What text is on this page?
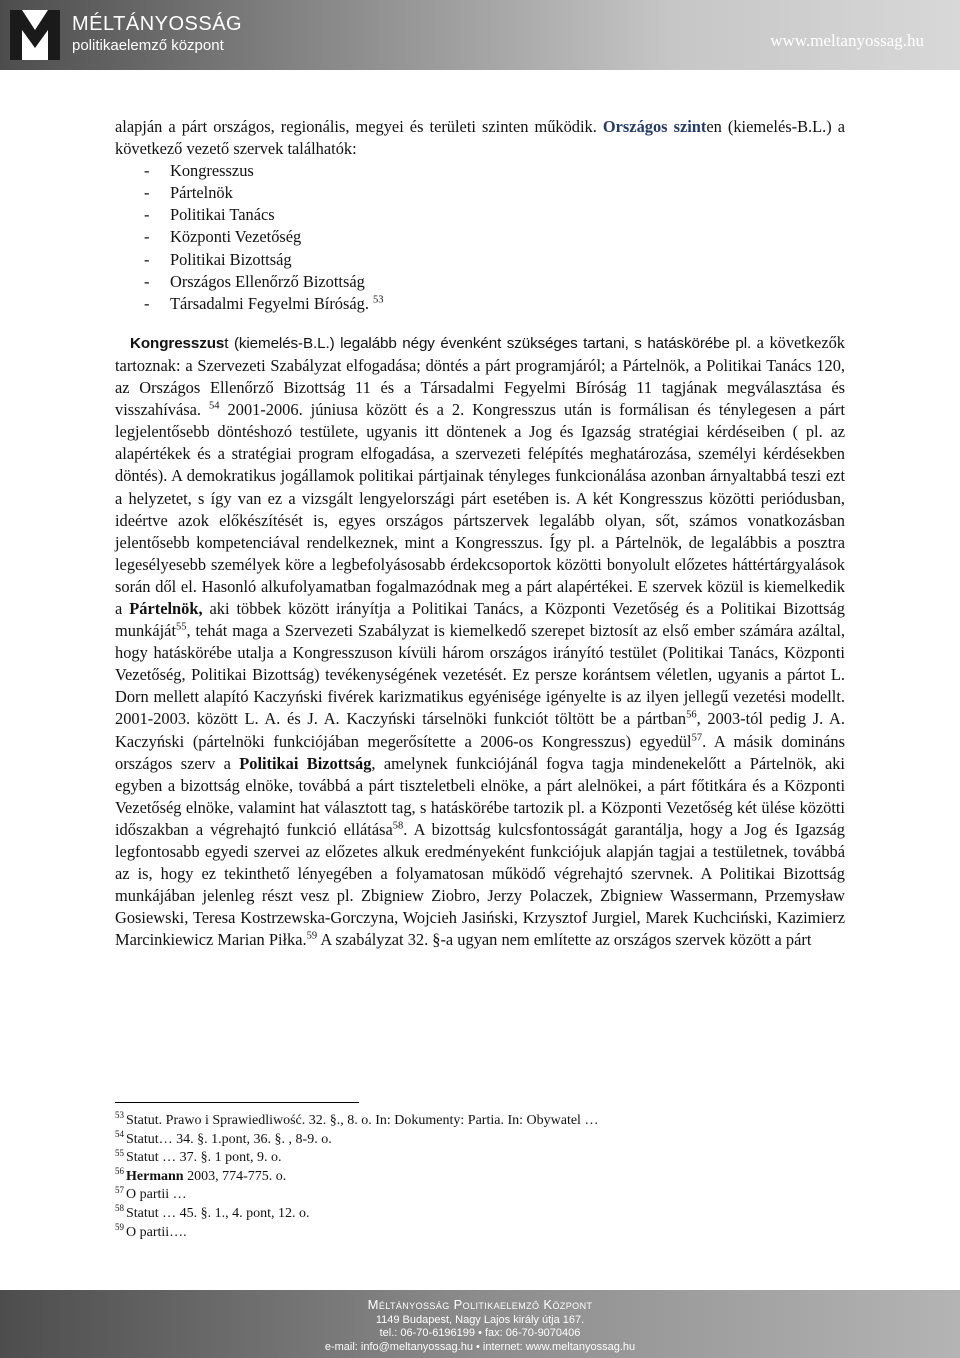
MÉLTÁNYOSSÁG
politikaelemző központ	www.meltanyossag.hu

alapján a párt országos, regionális, megyei és területi szinten működik. Országos szinten (kiemelés-B.L.) a következő vezető szervek találhatók:

- Kongresszus
- Pártelnök
- Politikai Tanács
- Központi Vezetőség
- Politikai Bizottság
- Országos Ellenőrző Bizottság
- Társadalmi Fegyelmi Bíróság. $^{53}$

Kongresszust (kiemelés-B.L.) legalább négy évenként szükséges tartani, s hatáskörébe pl. a következők tartoznak: a Szervezeti Szabályzat elfogadása; döntés a párt programjáról; a Pártelnök, a Politikai Tanács 120, az Országos Ellenőrző Bizottság 11 és a Társadalmi Fegyelmi Bíróság 11 tagjának megválasztása és visszahívása. $^{54}$ 2001-2006. júniusa között és a 2. Kongresszus után is formálisan és ténylegesen a párt legjelentősebb döntéshozó testülete, ugyanis itt döntenek a Jog és Igazság stratégiai kérdéseiben ( pl. az alapértékek és a stratégiai program elfogadása, a szervezeti felépítés meghatározása, személyi kérdésekben döntés). A demokratikus jogállamok politikai pártjainak tényleges funkcionálása azonban árnyaltabbá teszi ezt a helyzetet, s így van ez a vizsgált lengyelországi párt esetében is. A két Kongresszus közötti periódusban, ideértve azok előkészítését is, egyes országos pártszervek legalább olyan, sőt, számos vonatkozásban jelentősebb kompetenciával rendelkeznek, mint a Kongresszus. Így pl. a Pártelnök, de legalábbis a posztra legesélyesebb személyek köre a legbefolyásosabb érdekcsoportok közötti bonyolult előzetes háttértárgyalások során dől el. Hasonló alkufolyamatban fogalmazódnak meg a párt alapértékei. E szervek közül is kiemelkedik a Pártelnök, aki többek között irányítja a Politikai Tanács, a Központi Vezetőség és a Politikai Bizottság munkáját$^{55}$, tehát maga a Szervezeti Szabályzat is kiemelkedő szerepet biztosít az első ember számára azáltal, hogy hatáskörébe utalja a Kongresszuson kívüli három országos irányító testület (Politikai Tanács, Központi Vezetőség, Politikai Bizottság) tevékenységének vezetését. Ez persze korántsem véletlen, ugyanis a pártot L. Dorn mellett alapító Kaczyński fivérek karizmatikus egyénisége igényelte is az ilyen jellegű vezetési modellt. 2001-2003. között L. A. és J. A. Kaczyński társelnöki funkciót töltött be a pártban$^{56}$, 2003-tól pedig J. A. Kaczyński (pártelnöki funkciójában megerősítette a 2006-os Kongresszus) egyedül$^{57}$. A másik domináns országos szerv a Politikai Bizottság, amelynek funkciójánál fogva tagja mindenekelőtt a Pártelnök, aki egyben a bizottság elnöke, továbbá a párt tiszteletbeli elnöke, a párt alelnökei, a párt főtitkára és a Központi Vezetőség elnöke, valamint hat választott tag, s hatáskörébe tartozik pl. a Központi Vezetőség két ülése közötti időszakban a végrehajtó funkció ellátása$^{58}$. A bizottság kulcsfontosságát garantálja, hogy a Jog és Igazság legfontosabb egyedi szervei az előzetes alkuk eredményeként funkciójuk alapján tagjai a testületnek, továbbá az is, hogy ez tekinthető lényegében a folyamatosan működő végrehajtó szervnek. A Politikai Bizottság munkájában jelenleg részt vesz pl. Zbigniew Ziobro, Jerzy Polaczek, Zbigniew Wassermann, Przemysław Gosiewski, Teresa Kostrzewska-Gorczyna, Wojcieh Jasiński, Krzysztof Jurgiel, Marek Kuchciński, Kazimierz Marcinkiewicz Marian Piłka.$^{59}$ A szabályzat 32. §-a ugyan nem említette az országos szervek között a párt

$^{53}$ Statut. Prawo i Sprawiedliwość. 32. §., 8. o. In: Dokumenty: Partia. In: Obywatel …
$^{54}$ Statut… 34. §. 1.pont, 36. §. , 8-9. o.
$^{55}$ Statut … 37. §. 1 pont, 9. o.
$^{56}$ Hermann 2003, 774-775. o.
$^{57}$ O partii …
$^{58}$ Statut … 45. §. 1., 4. pont, 12. o.
$^{59}$ O partii….
Méltányosság Politikaelemző Központ
1149 Budapest, Nagy Lajos király útja 167.
tel.: 06-70-6196199 • fax: 06-70-9070406
e-mail: info@meltanyossag.hu • internet: www.meltanyossag.hu
